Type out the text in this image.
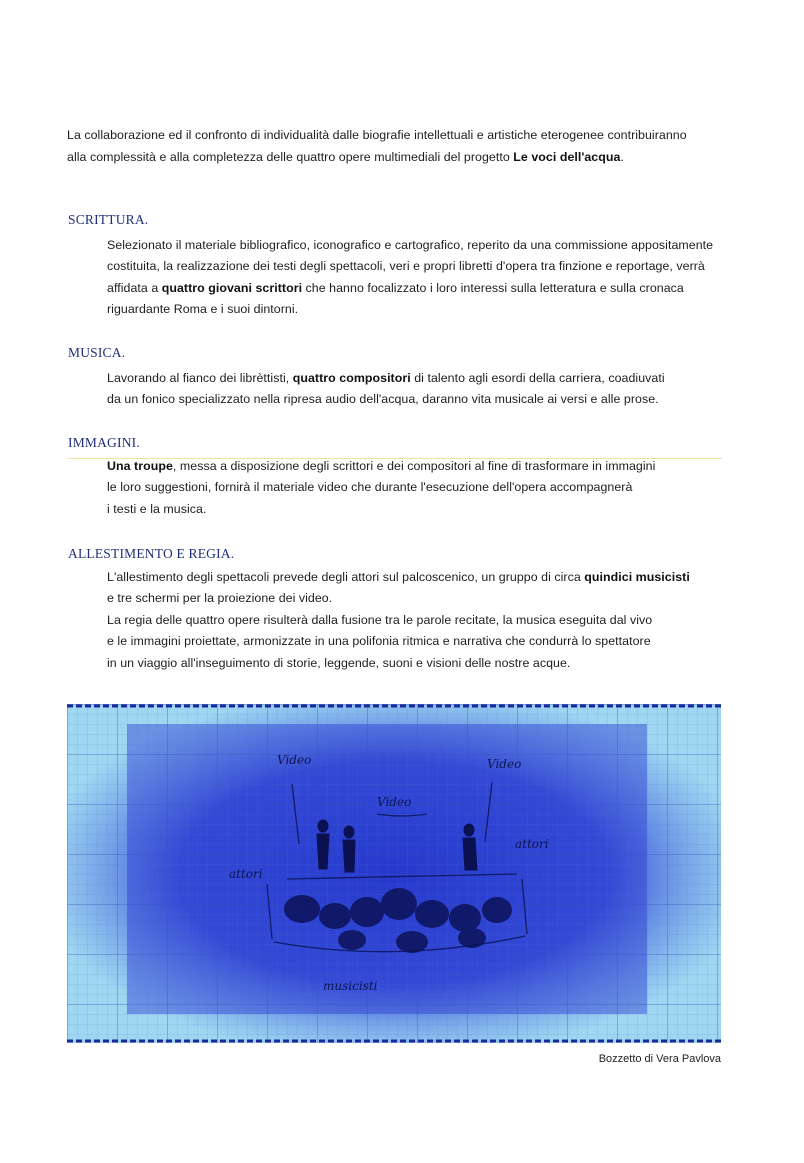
La collaborazione ed il confronto di individualità dalle biografie intellettuali e artistiche eterogenee contribuiranno
alla complessità e alla completezza delle quattro opere multimediali del progetto Le voci dell'acqua.
SCRITTURA.

Selezionato il materiale bibliografico, iconografico e cartografico, reperito da una commissione appositamente

costituita, la realizzazione dei testi degli spettacoli, veri e propri libretti d'opera tra finzione e reportage, verrà

affidata a quattro giovani scrittori che hanno focalizzato i loro interessi sulla letteratura e sulla cronaca

riguardante Roma e i suoi dintorni.

MUSICA.

Lavorando al fianco dei librèttisti, quattro compositori di talento agli esordi della carriera, coadiuvati

da un fonico specializzato nella ripresa audio dell'acqua, daranno vita musicale ai versi e alle prose.

IMMAGINI.

Una troupe, messa a disposizione degli scrittori e dei compositori al fine di trasformare in immagini

le loro suggestioni, fornirà il materiale video che durante l'esecuzione dell'opera accompagnerà

i testi e la musica.

ALLESTIMENTO E REGIA.

L'allestimento degli spettacoli prevede degli attori sul palcoscenico, un gruppo di circa quindici musicisti

e tre schermi per la proiezione dei video.

La regia delle quattro opere risulterà dalla fusione tra le parole recitate, la musica eseguita dal vivo

e le immagini proiettate, armonizzate in una polifonia ritmica e narrativa che condurrà lo spettatore

in un viaggio all'inseguimento di storie, leggende, suoni e visioni delle nostre acque.

Video
Video
Video
attori
attori
musicisti
Bozzetto di Vera Pavlova
